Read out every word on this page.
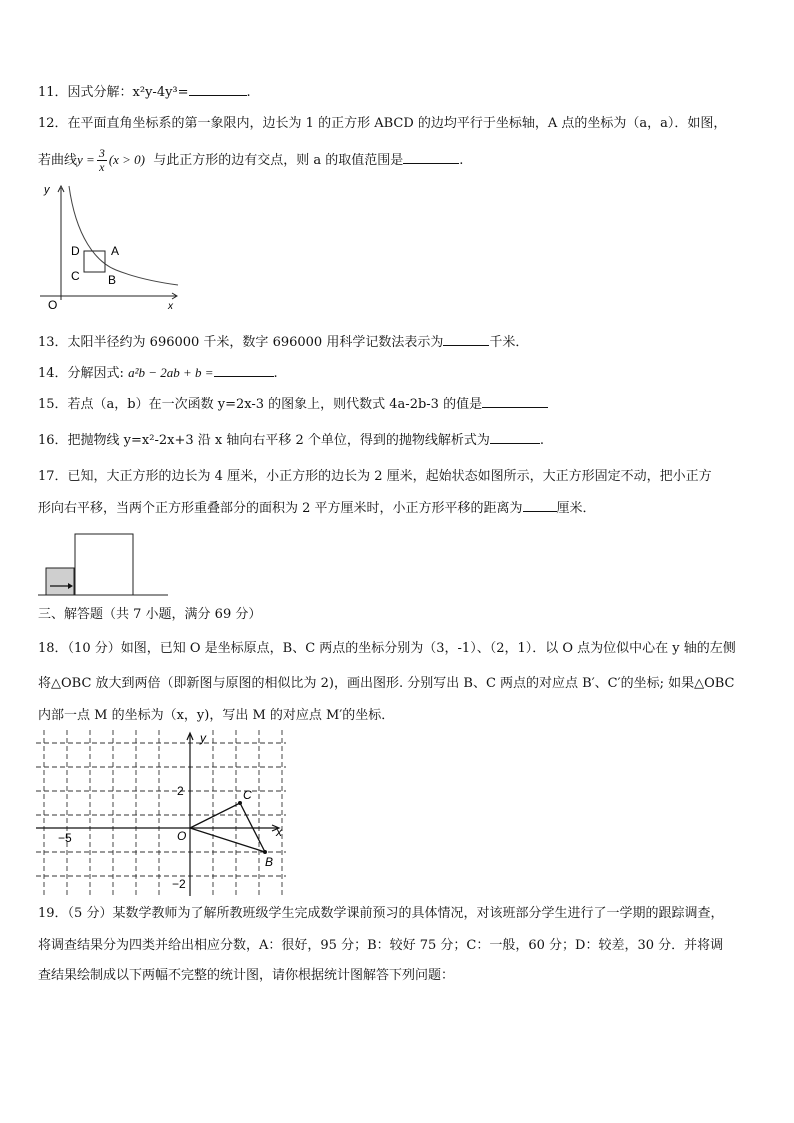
11．因式分解：x²y-4y³=	.
12．在平面直角坐标系的第一象限内，边长为 1 的正方形 ABCD 的边均平行于坐标轴，A 点的坐标为（a，a）．如图，
若曲线$y = \frac{3}{x} (x > 0)$ 与此正方形的边有交点，则 a 的取值范围是	.
y
x
O
D
C
A
B
13．太阳半径约为 696000 千米，数字 696000 用科学记数法表示为	千米．
14．分解因式: a²b − 2ab + b =	.
15．若点（a，b）在一次函数 y=2x-3 的图象上，则代数式 4a-2b-3 的值是
16．把抛物线 y=x²-2x+3 沿 x 轴向右平移 2 个单位，得到的抛物线解析式为	.
17．已知，大正方形的边长为 4 厘米，小正方形的边长为 2 厘米，起始状态如图所示，大正方形固定不动，把小正方
形向右平移，当两个正方形重叠部分的面积为 2 平方厘米时，小正方形平移的距离为	厘米．
三、解答题（共 7 小题，满分 69 分）
18．（10 分）如图，已知 O 是坐标原点，B、C 两点的坐标分别为（3，-1）、（2，1）．以 O 点为位似中心在 y 轴的左侧
将△OBC 放大到两倍（即新图与原图的相似比为 2)，画出图形. 分别写出 B、C 两点的对应点 B′、C′的坐标; 如果△OBC
内部一点 M 的坐标为（x，y)，写出 M 的对应点 M′的坐标．
y
x
O
C
B
−5
2
−2
19．（5 分）某数学教师为了解所教班级学生完成数学课前预习的具体情况，对该班部分学生进行了一学期的跟踪调查，
将调查结果分为四类并给出相应分数，A：很好，95 分；B：较好 75 分；C：一般，60 分；D：较差，30 分．并将调
查结果绘制成以下两幅不完整的统计图，请你根据统计图解答下列问题：
